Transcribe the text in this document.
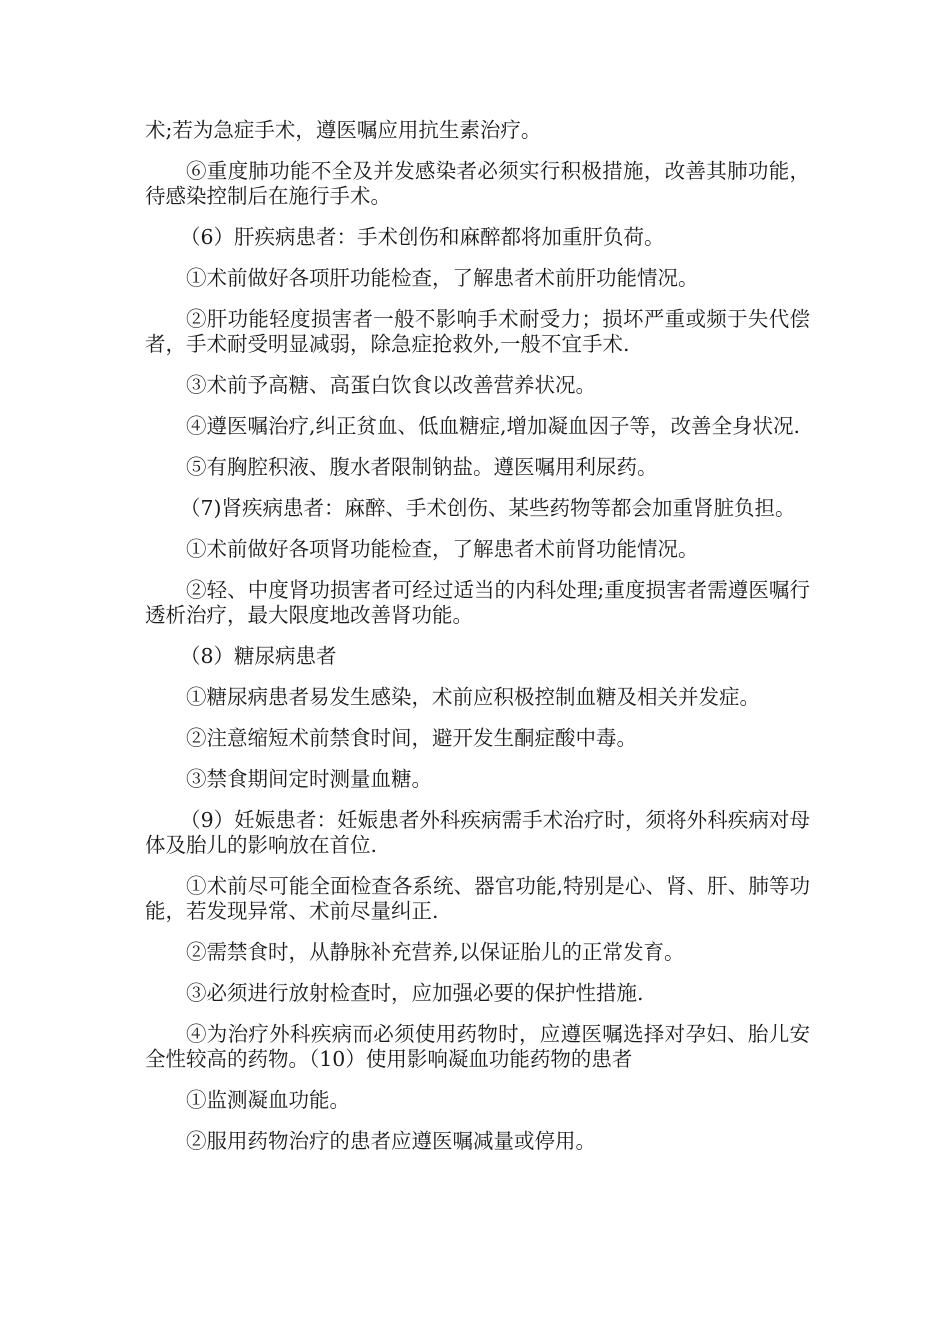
术;若为急症手术，遵医嘱应用抗生素治疗。

⑥重度肺功能不全及并发感染者必须实行积极措施，改善其肺功能，待感染控制后在施行手术。

（6）肝疾病患者：手术创伤和麻醉都将加重肝负荷。

①术前做好各项肝功能检查，了解患者术前肝功能情况。

②肝功能轻度损害者一般不影响手术耐受力；损坏严重或频于失代偿者，手术耐受明显减弱，除急症抢救外,一般不宜手术.

③术前予高糖、高蛋白饮食以改善营养状况。

④遵医嘱治疗,纠正贫血、低血糖症,增加凝血因子等，改善全身状况.

⑤有胸腔积液、腹水者限制钠盐。遵医嘱用利尿药。

（7)肾疾病患者：麻醉、手术创伤、某些药物等都会加重肾脏负担。

①术前做好各项肾功能检查，了解患者术前肾功能情况。

②轻、中度肾功损害者可经过适当的内科处理;重度损害者需遵医嘱行透析治疗，最大限度地改善肾功能。

（8）糖尿病患者

①糖尿病患者易发生感染，术前应积极控制血糖及相关并发症。

②注意缩短术前禁食时间，避开发生酮症酸中毒。

③禁食期间定时测量血糖。

（9）妊娠患者：妊娠患者外科疾病需手术治疗时，须将外科疾病对母体及胎儿的影响放在首位.

①术前尽可能全面检查各系统、器官功能,特别是心、肾、肝、肺等功能，若发现异常、术前尽量纠正.

②需禁食时，从静脉补充营养,以保证胎儿的正常发育。

③必须进行放射检查时，应加强必要的保护性措施.

④为治疗外科疾病而必须使用药物时，应遵医嘱选择对孕妇、胎儿安全性较高的药物。（10）使用影响凝血功能药物的患者

①监测凝血功能。

②服用药物治疗的患者应遵医嘱减量或停用。
